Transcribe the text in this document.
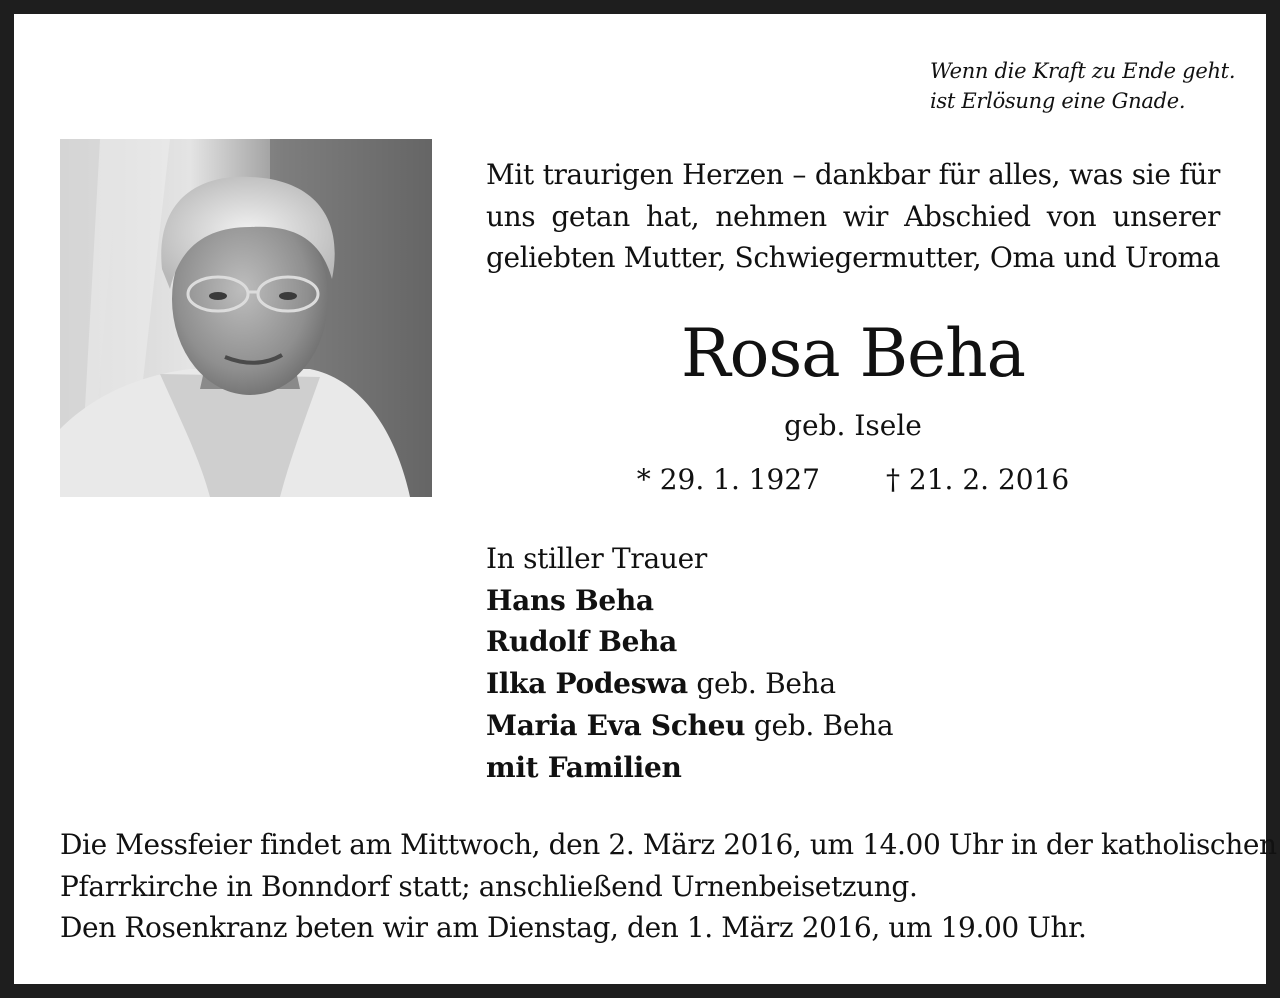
Wenn die Kraft zu Ende geht.
ist Erlösung eine Gnade.
Mit traurigen Herzen – dankbar für alles, was sie für uns getan hat, nehmen wir Abschied von unserer geliebten Mutter, Schwiegermutter, Oma und Uroma
Rosa Beha
geb. Isele
* 29. 1. 1927 † 21. 2. 2016
In stiller Trauer
Hans Beha
Rudolf Beha
Ilka Podeswa geb. Beha
Maria Eva Scheu geb. Beha
mit Familien
Die Messfeier findet am Mittwoch, den 2. März 2016, um 14.00 Uhr in der katholischen
Pfarrkirche in Bonndorf statt; anschließend Urnenbeisetzung.
Den Rosenkranz beten wir am Dienstag, den 1. März 2016, um 19.00 Uhr.
